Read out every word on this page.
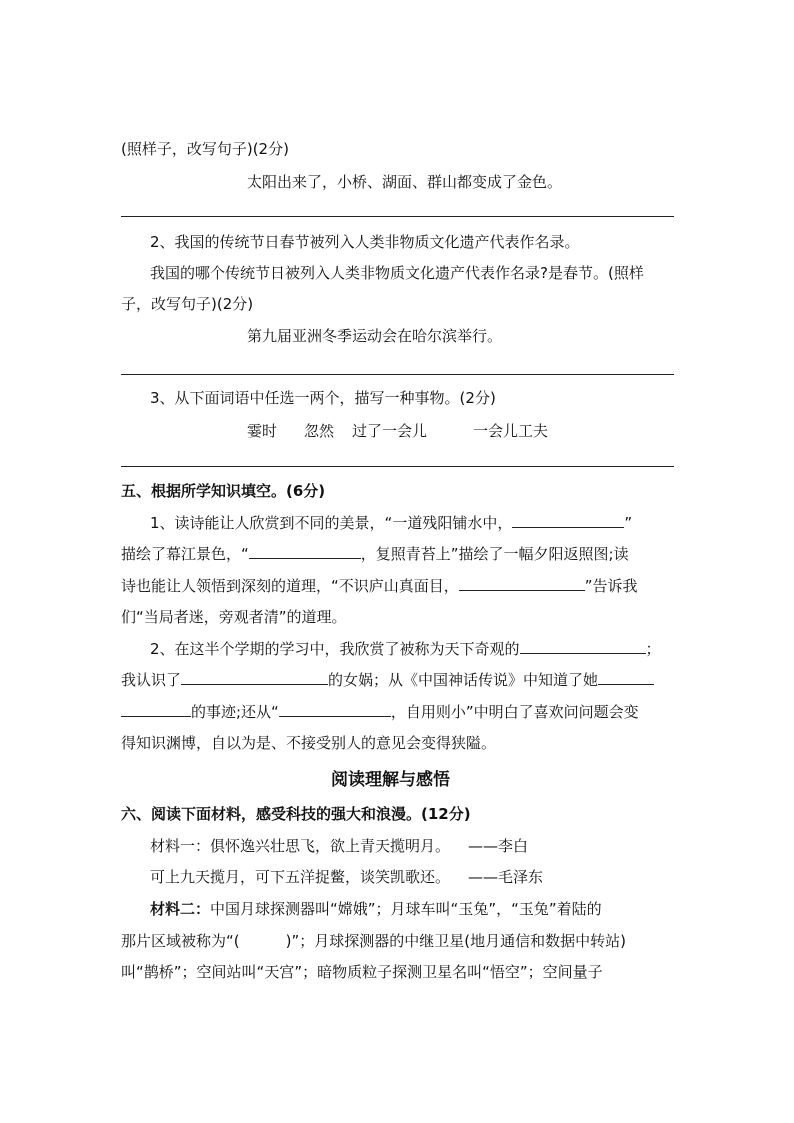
(照样子，改写句子)(2分)
太阳出来了，小桥、湖面、群山都变成了金色。
2、我国的传统节日春节被列入人类非物质文化遗产代表作名录。
我国的哪个传统节日被列入人类非物质文化遗产代表作名录?是春节。(照样
子，改写句子)(2分)
第九届亚洲冬季运动会在哈尔滨举行。
3、从下面词语中任选一两个，描写一种事物。(2分)
霎时 忽然 过了一会儿	一会儿工夫
五、根据所学知识填空。(6分)
1、读诗能让人欣赏到不同的美景，“一道残阳铺水中，	”
描绘了幕江景色，“	，复照青苔上”描绘了一幅夕阳返照图;读
诗也能让人领悟到深刻的道理，“不识庐山真面目，	”告诉我
们“当局者迷，旁观者清”的道理。
2、在这半个学期的学习中，我欣赏了被称为天下奇观的	；
我认识了	的女娲；从《中国神话传说》中知道了她
的事迹;还从“	，自用则小”中明白了喜欢问问题会变
得知识渊博，自以为是、不接受别人的意见会变得狭隘。
阅读理解与感悟
六、阅读下面材料，感受科技的强大和浪漫。(12分)
材料一：俱怀逸兴壮思飞，欲上青天揽明月。 ——李白
可上九天揽月，可下五洋捉鳖，谈笑凯歌还。 ——毛泽东
材料二：中国月球探测器叫“嫦娥”；月球车叫“玉兔”，“玉兔”着陆的
那片区域被称为“(	)”；月球探测器的中继卫星(地月通信和数据中转站)
叫“鹊桥”；空间站叫“天宫”；暗物质粒子探测卫星名叫“悟空”；空间量子
